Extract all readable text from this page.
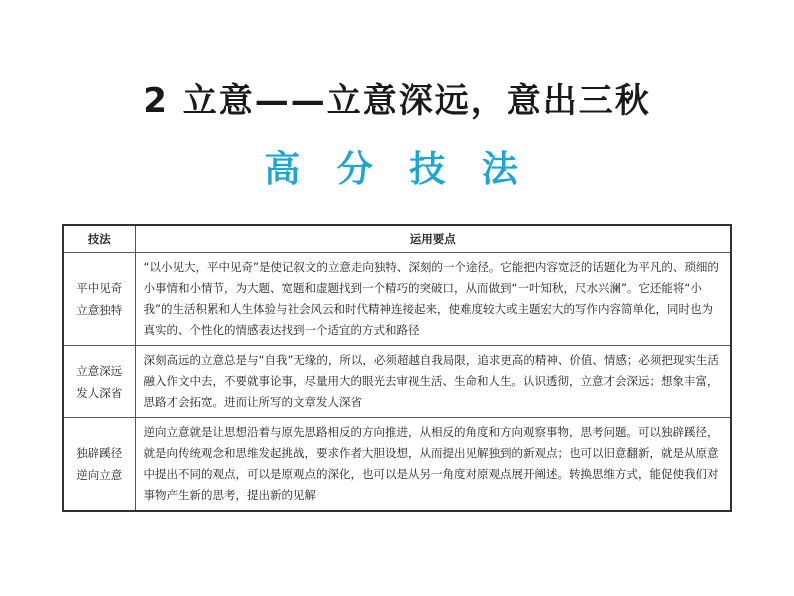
2 立意——立意深远，意出三秋
高 分 技 法
技法	运用要点

平中见奇
立意独特	“以小见大，平中见奇”是使记叙文的立意走向独特、深刻的一个途径。它能把内容宽泛的话题化为平凡的、琐细的小事情和小情节，为大题、宽题和虚题找到一个精巧的突破口，从而做到“一叶知秋，尺水兴澜”。它还能将“小我”的生活积累和人生体验与社会风云和时代精神连接起来，使难度较大或主题宏大的写作内容简单化，同时也为真实的、个性化的情感表达找到一个适宜的方式和路径

立意深远
发人深省	深刻高远的立意总是与“自我”无缘的，所以，必须超越自我局限，追求更高的精神、价值、情感；必须把现实生活融入作文中去，不要就事论事，尽量用大的眼光去审视生活、生命和人生。认识透彻，立意才会深远；想象丰富，思路才会拓宽。进而让所写的文章发人深省

独辟蹊径
逆向立意	逆向立意就是让思想沿着与原先思路相反的方向推进，从相反的角度和方向观察事物，思考问题。可以独辟蹊径，就是向传统观念和思维发起挑战，要求作者大胆设想，从而提出见解独到的新观点；也可以旧意翻新，就是从原意中提出不同的观点，可以是原观点的深化，也可以是从另一角度对原观点展开阐述。转换思维方式，能促使我们对事物产生新的思考，提出新的见解
